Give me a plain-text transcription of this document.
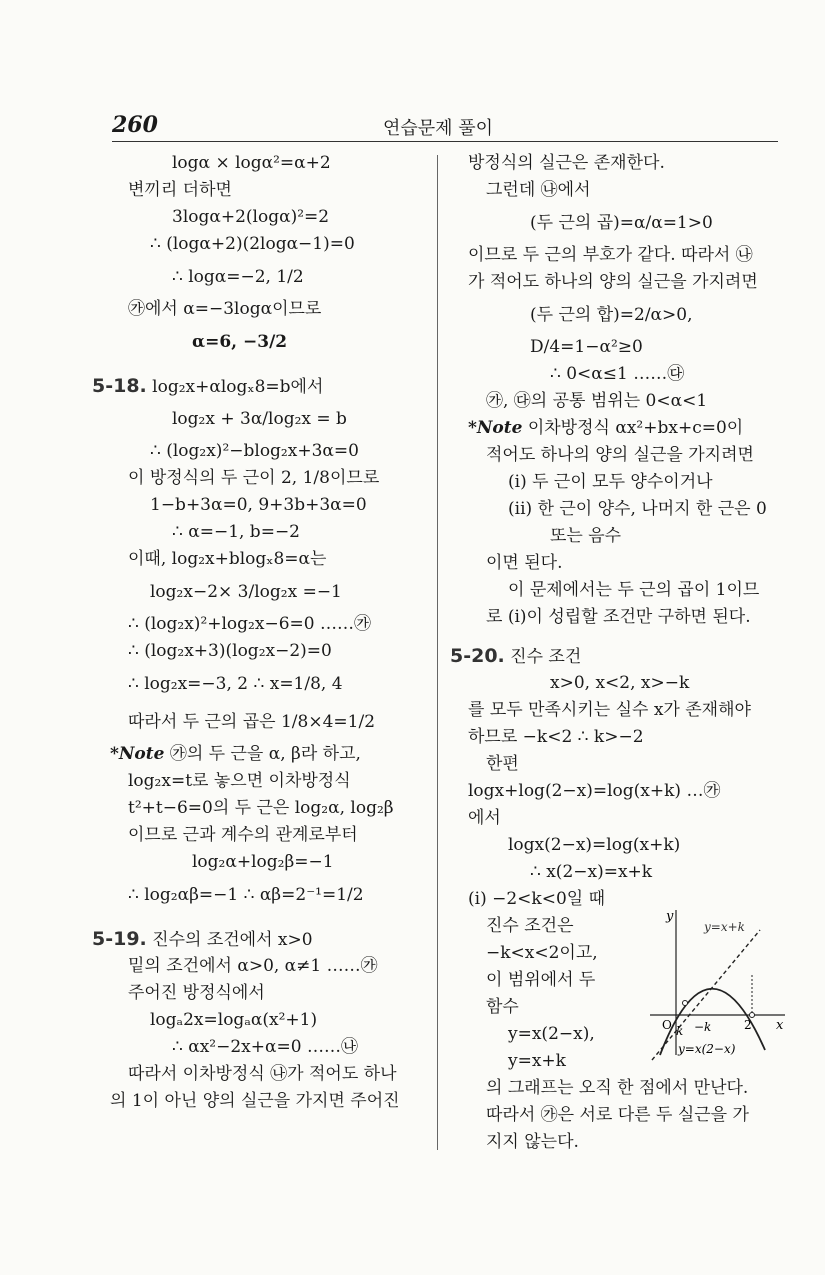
260	연습문제 풀이
logα × logα²=α+2
변끼리 더하면
3logα+2(logα)²=2
∴ (logα+2)(2logα−1)=0
∴ logα=−2, 1/2
㉮에서 α=−3logα이므로
α=6, −3/2
5-18. log₂x+αlogₓ8=b에서
log₂x + 3α/log₂x = b
∴ (log₂x)²−blog₂x+3α=0
이 방정식의 두 근이 2, 1/8이므로
1−b+3α=0, 9+3b+3α=0
∴ α=−1, b=−2
이때, log₂x+blogₓ8=α는
log₂x−2× 3/log₂x =−1
∴ (log₂x)²+log₂x−6=0 ……㉮
∴ (log₂x+3)(log₂x−2)=0
∴ log₂x=−3, 2 ∴ x=1/8, 4
따라서 두 근의 곱은 1/8×4=1/2
*Note ㉮의 두 근을 α, β라 하고,
log₂x=t로 놓으면 이차방정식
t²+t−6=0의 두 근은 log₂α, log₂β
이므로 근과 계수의 관계로부터
log₂α+log₂β=−1
∴ log₂αβ=−1 ∴ αβ=2⁻¹=1/2
5-19. 진수의 조건에서 x>0
밑의 조건에서 α>0, α≠1 ……㉮
주어진 방정식에서
logₐ2x=logₐα(x²+1)
∴ αx²−2x+α=0 ……㉯
따라서 이차방정식 ㉯가 적어도 하나
의 1이 아닌 양의 실근을 가지면 주어진
방정식의 실근은 존재한다.
그런데 ㉯에서
(두 근의 곱)=α/α=1>0
이므로 두 근의 부호가 같다. 따라서 ㉯
가 적어도 하나의 양의 실근을 가지려면
(두 근의 합)=2/α>0,
D/4=1−α²≥0
∴ 0<α≤1 ……㉰
㉮, ㉰의 공통 범위는 0<α<1
*Note 이차방정식 αx²+bx+c=0이
적어도 하나의 양의 실근을 가지려면
(i) 두 근이 모두 양수이거나
(ii) 한 근이 양수, 나머지 한 근은 0
또는 음수
이면 된다.
이 문제에서는 두 근의 곱이 1이므
로 (i)이 성립할 조건만 구하면 된다.
5-20. 진수 조건
x>0, x<2, x>−k
를 모두 만족시키는 실수 x가 존재해야
하므로 −k<2 ∴ k>−2
한편
logx+log(2−x)=log(x+k) …㉮
에서
logx(2−x)=log(x+k)
∴ x(2−x)=x+k
(i) −2<k<0일 때
진수 조건은
−k<x<2이고,
이 범위에서 두
함수
y=x(2−x),
y=x+k
의 그래프는 오직 한 점에서 만난다.
따라서 ㉮은 서로 다른 두 실근을 가
지지 않는다.
y
x
O
y=x+k
y=x(2−x)
k −k	2
